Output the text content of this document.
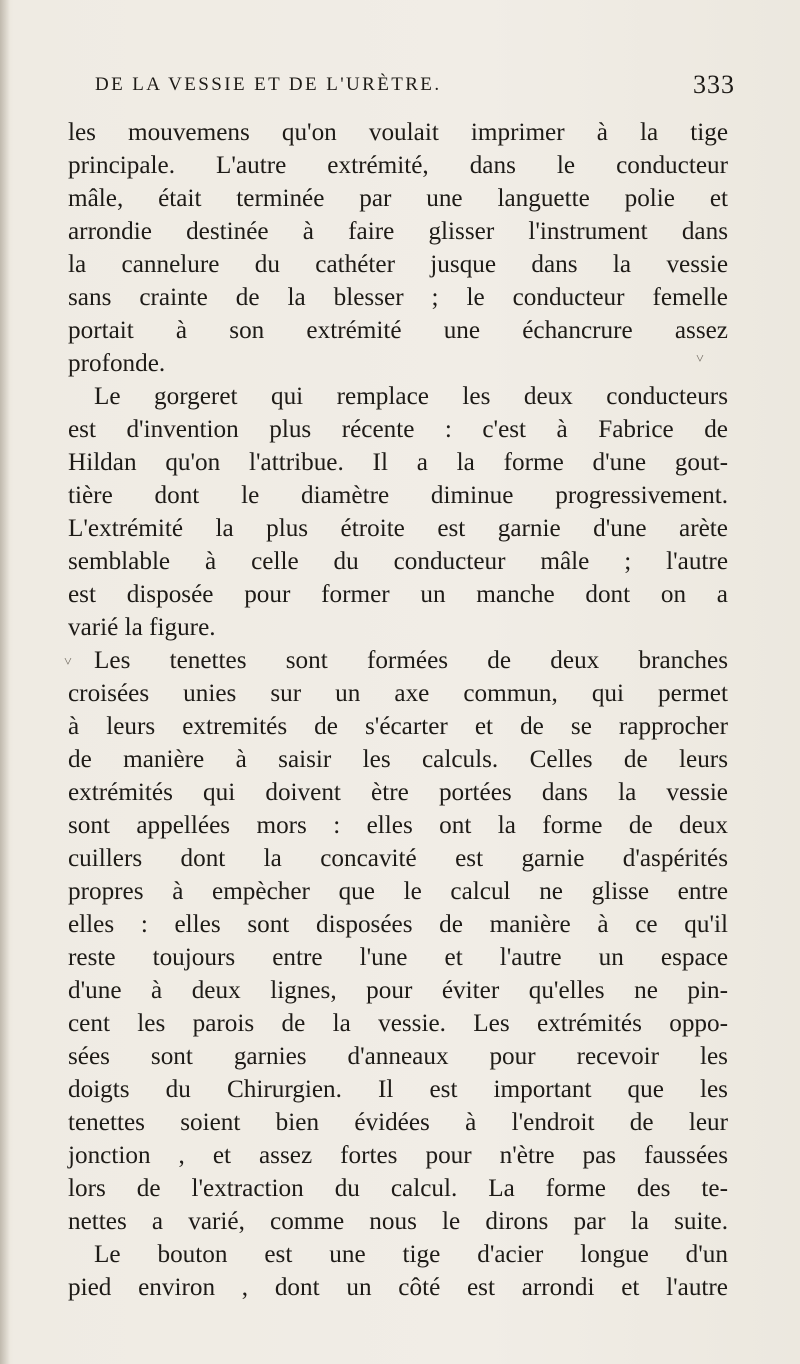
DE LA VESSIE ET DE L'URÈTRE.	333
les mouvemens qu'on voulait imprimer à la tige
principale. L'autre extrémité, dans le conducteur
mâle, était terminée par une languette polie et
arrondie destinée à faire glisser l'instrument dans
la cannelure du cathéter jusque dans la vessie
sans crainte de la blesser ; le conducteur femelle
portait à son extrémité une échancrure assez
profonde.
Le gorgeret qui remplace les deux conducteurs
est d'invention plus récente : c'est à Fabrice de
Hildan qu'on l'attribue. Il a la forme d'une gout-
tière dont le diamètre diminue progressivement.
L'extrémité la plus étroite est garnie d'une arète
semblable à celle du conducteur mâle ; l'autre
est disposée pour former un manche dont on a
varié la figure.
Les tenettes sont formées de deux branches
croisées unies sur un axe commun, qui permet
à leurs extremités de s'écarter et de se rapprocher
de manière à saisir les calculs. Celles de leurs
extrémités qui doivent ètre portées dans la vessie
sont appellées mors : elles ont la forme de deux
cuillers dont la concavité est garnie d'aspérités
propres à empècher que le calcul ne glisse entre
elles : elles sont disposées de manière à ce qu'il
reste toujours entre l'une et l'autre un espace
d'une à deux lignes, pour éviter qu'elles ne pin-
cent les parois de la vessie. Les extrémités oppo-
sées sont garnies d'anneaux pour recevoir les
doigts du Chirurgien. Il est important que les
tenettes soient bien évidées à l'endroit de leur
jonction , et assez fortes pour n'ètre pas faussées
lors de l'extraction du calcul. La forme des te-
nettes a varié, comme nous le dirons par la suite.
Le bouton est une tige d'acier longue d'un
pied environ , dont un côté est arrondi et l'autre
˅
˅
